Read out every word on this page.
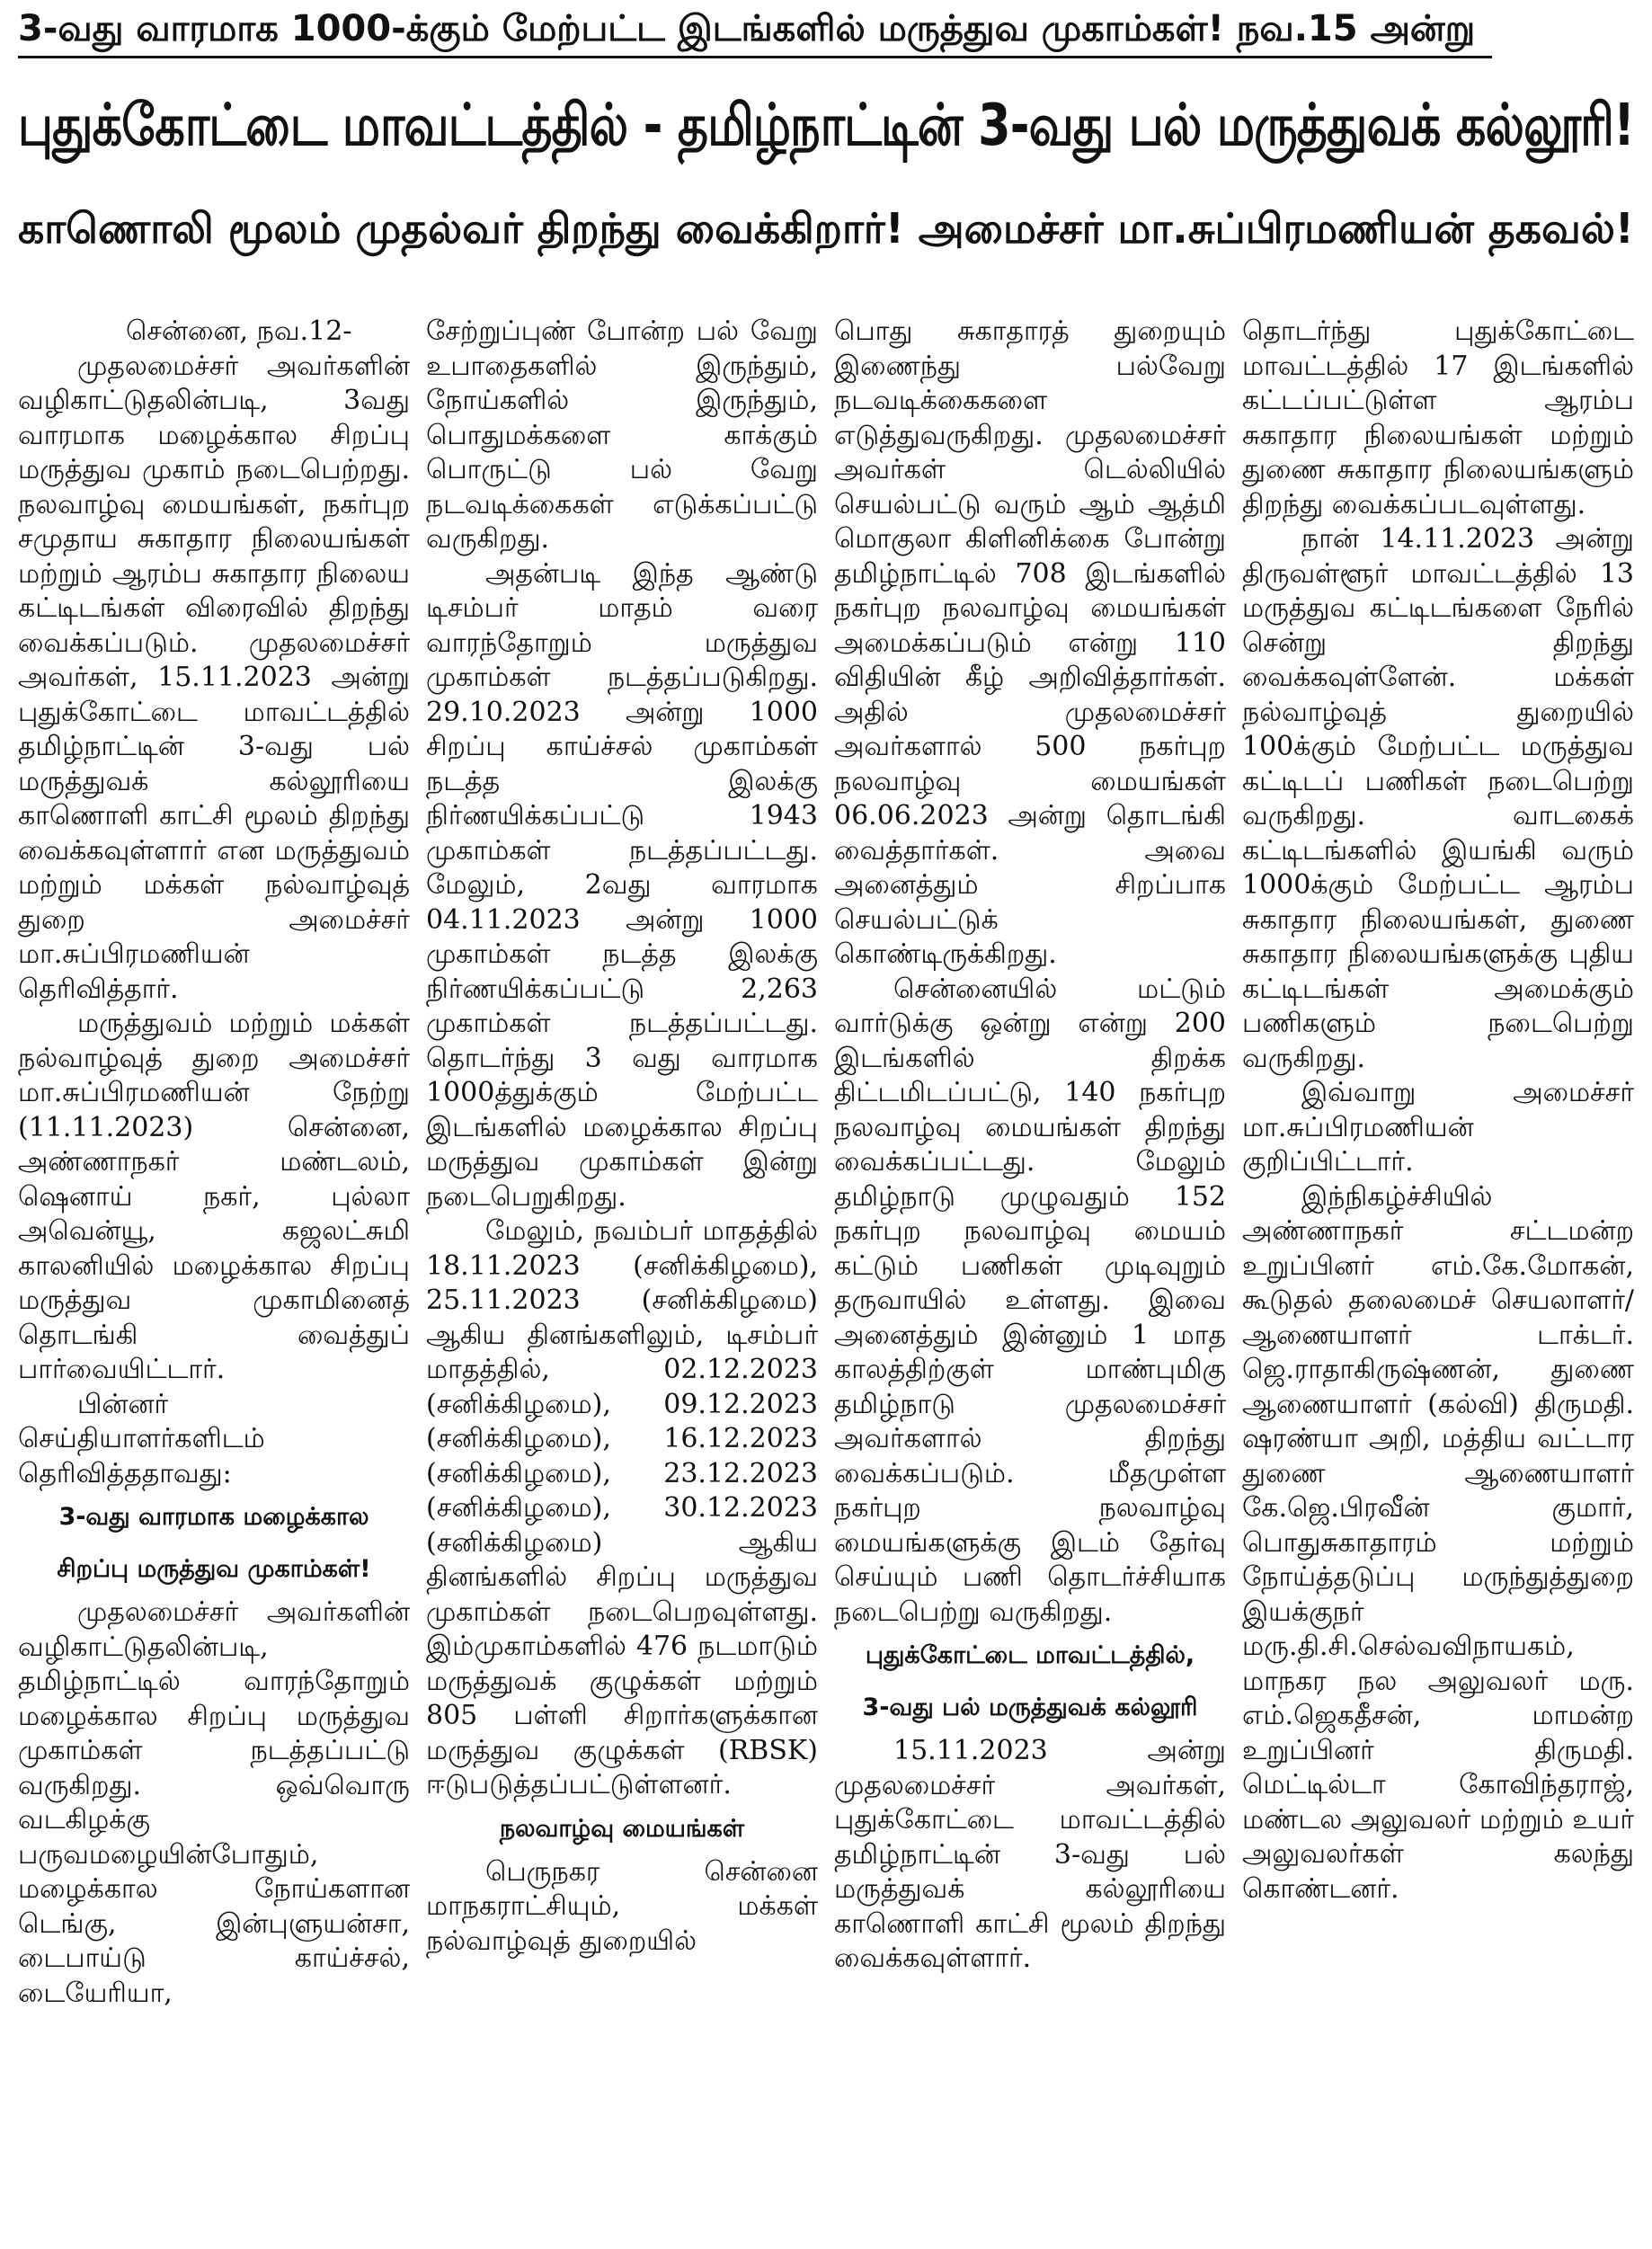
3-வது வாரமாக 1000-க்கும் மேற்பட்ட இடங்களில் மருத்துவ முகாம்கள்! நவ.15 அன்று
புதுக்கோட்டை மாவட்டத்தில் - தமிழ்நாட்டின் 3-வது பல் மருத்துவக் கல்லூரி!
காணொலி மூலம் முதல்வர் திறந்து வைக்கிறார்! அமைச்சர் மா.சுப்பிரமணியன் தகவல்!

சென்னை, நவ.12-

முதலமைச்சர் அவர்களின் வழிகாட்டுதலின்படி, 3வது வாரமாக மழைக்கால சிறப்பு மருத்துவ முகாம் நடைபெற்றது. நலவாழ்வு மையங்கள், நகர்புற சமுதாய சுகாதார நிலையங்கள் மற்றும் ஆரம்ப சுகாதார நிலைய கட்டிடங்கள் விரைவில் திறந்து வைக்கப்படும். முதலமைச்சர் அவர்கள், 15.11.2023 அன்று புதுக்கோட்டை மாவட்டத்தில் தமிழ்நாட்டின் 3-வது பல் மருத்துவக் கல்லூரியை காணொளி காட்சி மூலம் திறந்து வைக்கவுள்ளார் என மருத்துவம் மற்றும் மக்கள் நல்வாழ்வுத் துறை அமைச்சர் மா.சுப்பிரமணியன் தெரிவித்தார்.

மருத்துவம் மற்றும் மக்கள் நல்வாழ்வுத் துறை அமைச்சர் மா.சுப்பிரமணியன் நேற்று (11.11.2023) சென்னை, அண்ணாநகர் மண்டலம், ஷெனாய் நகர், புல்லா அவென்யூ, கஜலட்சுமி காலனியில் மழைக்கால சிறப்பு மருத்துவ முகாமினைத் தொடங்கி வைத்துப் பார்வையிட்டார்.

பின்னர் செய்தியாளர்களிடம் தெரிவித்ததாவது:

3-வது வாரமாக மழைக்கால
சிறப்பு மருத்துவ முகாம்கள்!

முதலமைச்சர் அவர்களின் வழிகாட்டுதலின்படி, தமிழ்நாட்டில் வாரந்தோறும் மழைக்கால சிறப்பு மருத்துவ முகாம்கள் நடத்தப்பட்டு வருகிறது. ஒவ்வொரு வடகிழக்கு பருவமழையின்போதும், மழைக்கால நோய்களான டெங்கு, இன்புளுயன்சா, டைபாய்டு காய்ச்சல், டையேரியா,

சேற்றுப்புண் போன்ற பல் வேறு உபாதைகளில் இருந்தும், நோய்களில் இருந்தும், பொதுமக்களை காக்கும் பொருட்டு பல் வேறு நடவடிக்கைகள் எடுக்கப்பட்டு வருகிறது.

அதன்படி இந்த ஆண்டு டிசம்பர் மாதம் வரை வாரந்தோறும் மருத்துவ முகாம்கள் நடத்தப்படுகிறது. 29.10.2023 அன்று 1000 சிறப்பு காய்ச்சல் முகாம்கள் நடத்த இலக்கு நிர்ணயிக்கப்பட்டு 1943 முகாம்கள் நடத்தப்பட்டது. மேலும், 2வது வாரமாக 04.11.2023 அன்று 1000 முகாம்கள் நடத்த இலக்கு நிர்ணயிக்கப்பட்டு 2,263 முகாம்கள் நடத்தப்பட்டது. தொடர்ந்து 3 வது வாரமாக 1000த்துக்கும் மேற்பட்ட இடங்களில் மழைக்கால சிறப்பு மருத்துவ முகாம்கள் இன்று நடைபெறுகிறது.

மேலும், நவம்பர் மாதத்தில் 18.11.2023 (சனிக்கிழமை), 25.11.2023 (சனிக்கிழமை) ஆகிய தினங்களிலும், டிசம்பர் மாதத்தில், 02.12.2023 (சனிக்கிழமை), 09.12.2023 (சனிக்கிழமை), 16.12.2023 (சனிக்கிழமை), 23.12.2023 (சனிக்கிழமை), 30.12.2023 (சனிக்கிழமை) ஆகிய தினங்களில் சிறப்பு மருத்துவ முகாம்கள் நடைபெறவுள்ளது. இம்முகாம்களில் 476 நடமாடும் மருத்துவக் குழுக்கள் மற்றும் 805 பள்ளி சிறார்களுக்கான மருத்துவ குழுக்கள் (RBSK) ஈடுபடுத்தப்பட்டுள்ளனர்.

நலவாழ்வு மையங்கள்

பெருநகர சென்னை மாநகராட்சியும், மக்கள் நல்வாழ்வுத் துறையில்

பொது சுகாதாரத் துறையும் இணைந்து பல்வேறு நடவடிக்கைகளை எடுத்துவருகிறது. முதலமைச்சர் அவர்கள் டெல்லியில் செயல்பட்டு வரும் ஆம் ஆத்மி மொகுலா கிளினிக்கை போன்று தமிழ்நாட்டில் 708 இடங்களில் நகர்புற நலவாழ்வு மையங்கள் அமைக்கப்படும் என்று 110 விதியின் கீழ் அறிவித்தார்கள். அதில் முதலமைச்சர் அவர்களால் 500 நகர்புற நலவாழ்வு மையங்கள் 06.06.2023 அன்று தொடங்கி வைத்தார்கள். அவை அனைத்தும் சிறப்பாக செயல்பட்டுக் கொண்டிருக்கிறது.

சென்னையில் மட்டும் வார்டுக்கு ஒன்று என்று 200 இடங்களில் திறக்க திட்டமிடப்பட்டு, 140 நகர்புற நலவாழ்வு மையங்கள் திறந்து வைக்கப்பட்டது. மேலும் தமிழ்நாடு முழுவதும் 152 நகர்புற நலவாழ்வு மையம் கட்டும் பணிகள் முடிவுறும் தருவாயில் உள்ளது. இவை அனைத்தும் இன்னும் 1 மாத காலத்திற்குள் மாண்புமிகு தமிழ்நாடு முதலமைச்சர் அவர்களால் திறந்து வைக்கப்படும். மீதமுள்ள நகர்புற நலவாழ்வு மையங்களுக்கு இடம் தேர்வு செய்யும் பணி தொடர்ச்சியாக நடைபெற்று வருகிறது.

புதுக்கோட்டை மாவட்டத்தில்,
3-வது பல் மருத்துவக் கல்லூரி

15.11.2023 அன்று முதலமைச்சர் அவர்கள், புதுக்கோட்டை மாவட்டத்தில் தமிழ்நாட்டின் 3-வது பல் மருத்துவக் கல்லூரியை காணொளி காட்சி மூலம் திறந்து வைக்கவுள்ளார்.

தொடர்ந்து புதுக்கோட்டை மாவட்டத்தில் 17 இடங்களில் கட்டப்பட்டுள்ள ஆரம்ப சுகாதார நிலையங்கள் மற்றும் துணை சுகாதார நிலையங்களும் திறந்து வைக்கப்படவுள்ளது.

நான் 14.11.2023 அன்று திருவள்ளூர் மாவட்டத்தில் 13 மருத்துவ கட்டிடங்களை நேரில் சென்று திறந்து வைக்கவுள்ளேன். மக்கள் நல்வாழ்வுத் துறையில் 100க்கும் மேற்பட்ட மருத்துவ கட்டிடப் பணிகள் நடைபெற்று வருகிறது. வாடகைக் கட்டிடங்களில் இயங்கி வரும் 1000க்கும் மேற்பட்ட ஆரம்ப சுகாதார நிலையங்கள், துணை சுகாதார நிலையங்களுக்கு புதிய கட்டிடங்கள் அமைக்கும் பணிகளும் நடைபெற்று வருகிறது.

இவ்வாறு அமைச்சர் மா.சுப்பிரமணியன் குறிப்பிட்டார்.

இந்நிகழ்ச்சியில் அண்ணாநகர் சட்டமன்ற உறுப்பினர் எம்.கே.மோகன், கூடுதல் தலைமைச் செயலாளர்/ஆணையாளர் டாக்டர். ஜெ.ராதாகிருஷ்ணன், துணை ஆணையாளர் (கல்வி) திருமதி. ஷரண்யா அறி, மத்திய வட்டார துணை ஆணையாளர் கே.ஜெ.பிரவீன் குமார், பொதுசுகாதாரம் மற்றும் நோய்த்தடுப்பு மருந்துத்துறை இயக்குநர் மரு.தி.சி.செல்வவிநாயகம், மாநகர நல அலுவலர் மரு. எம்.ஜெகதீசன், மாமன்ற உறுப்பினர் திருமதி. மெட்டில்டா கோவிந்தராஜ், மண்டல அலுவலர் மற்றும் உயர் அலுவலர்கள் கலந்து கொண்டனர்.
